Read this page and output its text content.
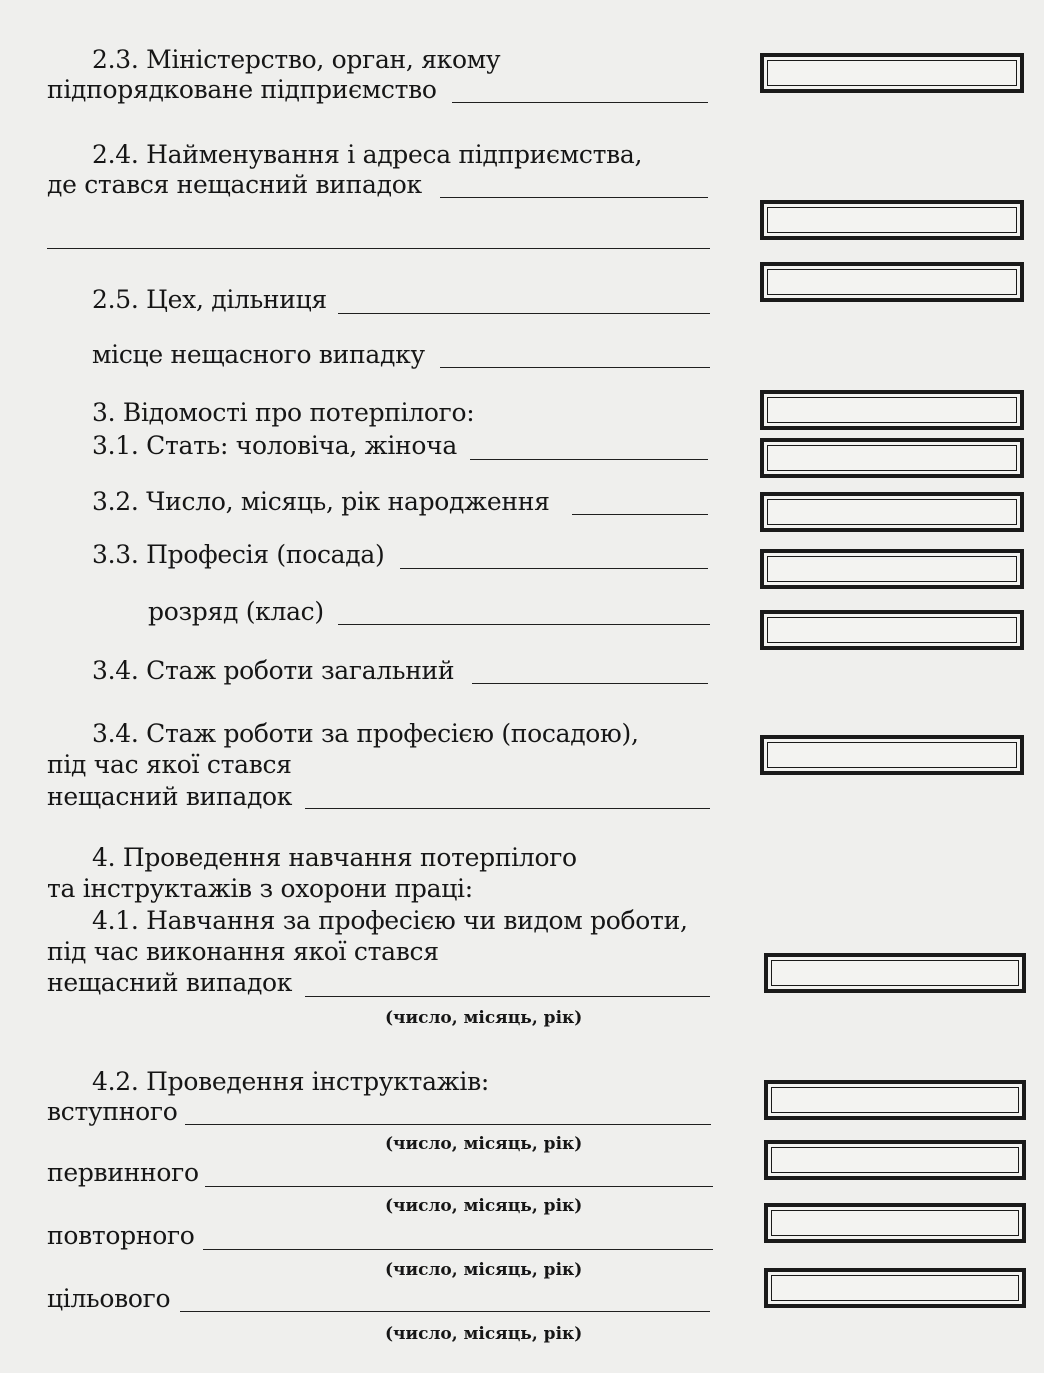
2.3. Міністерство, орган, якому
підпорядковане підприємство
2.4. Найменування і адреса підприємства,
де стався нещасний випадок
2.5. Цех, дільниця
місце нещасного випадку
3. Відомості про потерпілого:
3.1. Стать: чоловіча, жіноча
3.2. Число, місяць, рік народження
3.3. Професія (посада)
розряд (клас)
3.4. Стаж роботи загальний
3.4. Стаж роботи за професією (посадою),
під час якої стався
нещасний випадок
4. Проведення навчання потерпілого
та інструктажів з охорони праці:
4.1. Навчання за професією чи видом роботи,
під час виконання якої стався
нещасний випадок
(число, місяць, рік)
4.2. Проведення інструктажів:
вступного
(число, місяць, рік)
первинного
(число, місяць, рік)
повторного
(число, місяць, рік)
цільового
(число, місяць, рік)
